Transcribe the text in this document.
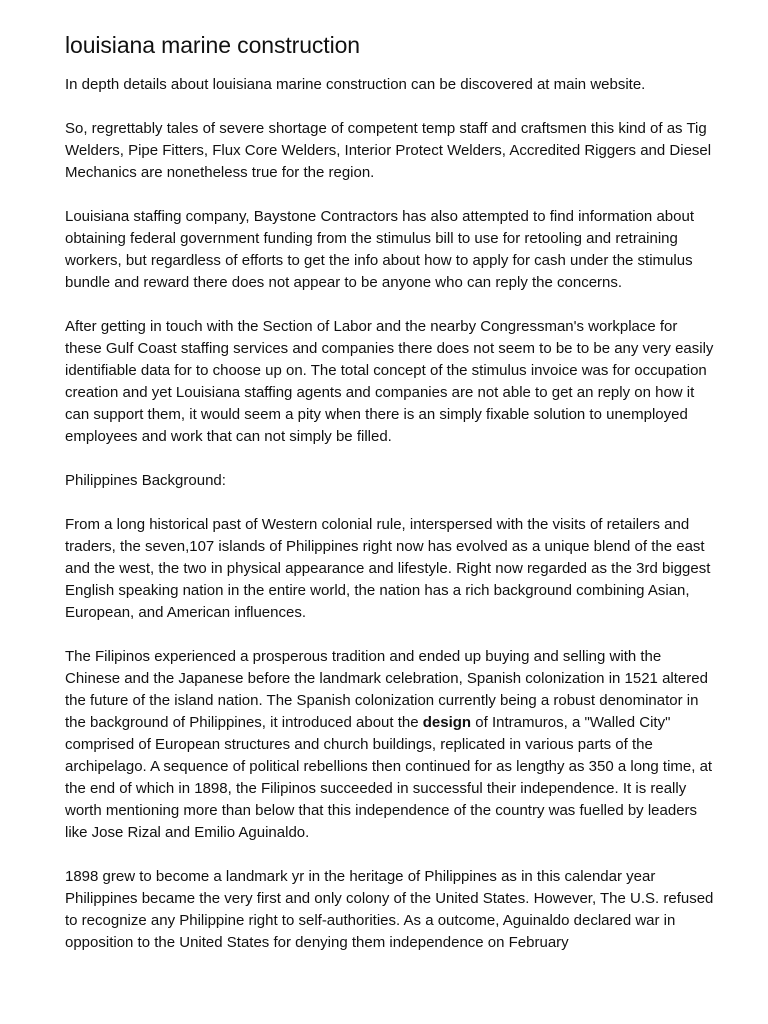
louisiana marine construction

In depth details about louisiana marine construction can be discovered at main website.

So, regrettably tales of severe shortage of competent temp staff and craftsmen this kind of as Tig Welders, Pipe Fitters, Flux Core Welders, Interior Protect Welders, Accredited Riggers and Diesel Mechanics are nonetheless true for the region.

Louisiana staffing company, Baystone Contractors has also attempted to find information about obtaining federal government funding from the stimulus bill to use for retooling and retraining workers, but regardless of efforts to get the info about how to apply for cash under the stimulus bundle and reward there does not appear to be anyone who can reply the concerns.

After getting in touch with the Section of Labor and the nearby Congressman's workplace for these Gulf Coast staffing services and companies there does not seem to be to be any very easily identifiable data for to choose up on. The total concept of the stimulus invoice was for occupation creation and yet Louisiana staffing agents and companies are not able to get an reply on how it can support them, it would seem a pity when there is an simply fixable solution to unemployed employees and work that can not simply be filled.

Philippines Background:

From a long historical past of Western colonial rule, interspersed with the visits of retailers and traders, the seven,107 islands of Philippines right now has evolved as a unique blend of the east and the west, the two in physical appearance and lifestyle. Right now regarded as the 3rd biggest English speaking nation in the entire world, the nation has a rich background combining Asian, European, and American influences.

The Filipinos experienced a prosperous tradition and ended up buying and selling with the Chinese and the Japanese before the landmark celebration, Spanish colonization in 1521 altered the future of the island nation. The Spanish colonization currently being a robust denominator in the background of Philippines, it introduced about the design of Intramuros, a "Walled City" comprised of European structures and church buildings, replicated in various parts of the archipelago. A sequence of political rebellions then continued for as lengthy as 350 a long time, at the end of which in 1898, the Filipinos succeeded in successful their independence. It is really worth mentioning more than below that this independence of the country was fuelled by leaders like Jose Rizal and Emilio Aguinaldo.

1898 grew to become a landmark yr in the heritage of Philippines as in this calendar year Philippines became the very first and only colony of the United States. However, The U.S. refused to recognize any Philippine right to self-authorities. As a outcome, Aguinaldo declared war in opposition to the United States for denying them independence on February
